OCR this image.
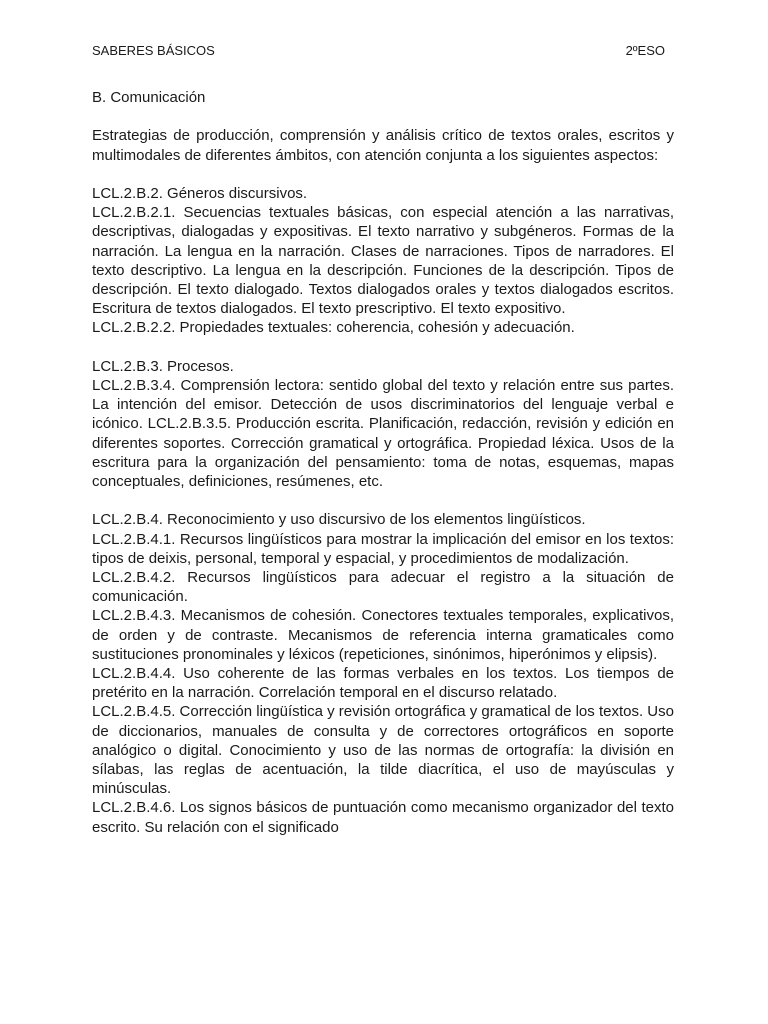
SABERES BÁSICOS	2ºESO

B. Comunicación

Estrategias de producción, comprensión y análisis crítico de textos orales, escritos y multimodales de diferentes ámbitos, con atención conjunta a los siguientes aspectos:

LCL.2.B.2. Géneros discursivos.

LCL.2.B.2.1. Secuencias textuales básicas, con especial atención a las narrativas, descriptivas, dialogadas y expositivas. El texto narrativo y subgéneros. Formas de la narración. La lengua en la narración. Clases de narraciones. Tipos de narradores. El texto descriptivo. La lengua en la descripción. Funciones de la descripción. Tipos de descripción. El texto dialogado. Textos dialogados orales y textos dialogados escritos. Escritura de textos dialogados. El texto prescriptivo. El texto expositivo.

LCL.2.B.2.2. Propiedades textuales: coherencia, cohesión y adecuación.

LCL.2.B.3. Procesos.

LCL.2.B.3.4. Comprensión lectora: sentido global del texto y relación entre sus partes. La intención del emisor. Detección de usos discriminatorios del lenguaje verbal e icónico. LCL.2.B.3.5. Producción escrita. Planificación, redacción, revisión y edición en diferentes soportes. Corrección gramatical y ortográfica. Propiedad léxica. Usos de la escritura para la organización del pensamiento: toma de notas, esquemas, mapas conceptuales, definiciones, resúmenes, etc.

LCL.2.B.4. Reconocimiento y uso discursivo de los elementos lingüísticos.

LCL.2.B.4.1. Recursos lingüísticos para mostrar la implicación del emisor en los textos: tipos de deixis, personal, temporal y espacial, y procedimientos de modalización.

LCL.2.B.4.2. Recursos lingüísticos para adecuar el registro a la situación de comunicación.

LCL.2.B.4.3. Mecanismos de cohesión. Conectores textuales temporales, explicativos, de orden y de contraste. Mecanismos de referencia interna gramaticales como sustituciones pronominales y léxicos (repeticiones, sinónimos, hiperónimos y elipsis).

LCL.2.B.4.4. Uso coherente de las formas verbales en los textos. Los tiempos de pretérito en la narración. Correlación temporal en el discurso relatado.

LCL.2.B.4.5. Corrección lingüística y revisión ortográfica y gramatical de los textos. Uso de diccionarios, manuales de consulta y de correctores ortográficos en soporte analógico o digital. Conocimiento y uso de las normas de ortografía: la división en sílabas, las reglas de acentuación, la tilde diacrítica, el uso de mayúsculas y minúsculas.

LCL.2.B.4.6. Los signos básicos de puntuación como mecanismo organizador del texto escrito. Su relación con el significado
